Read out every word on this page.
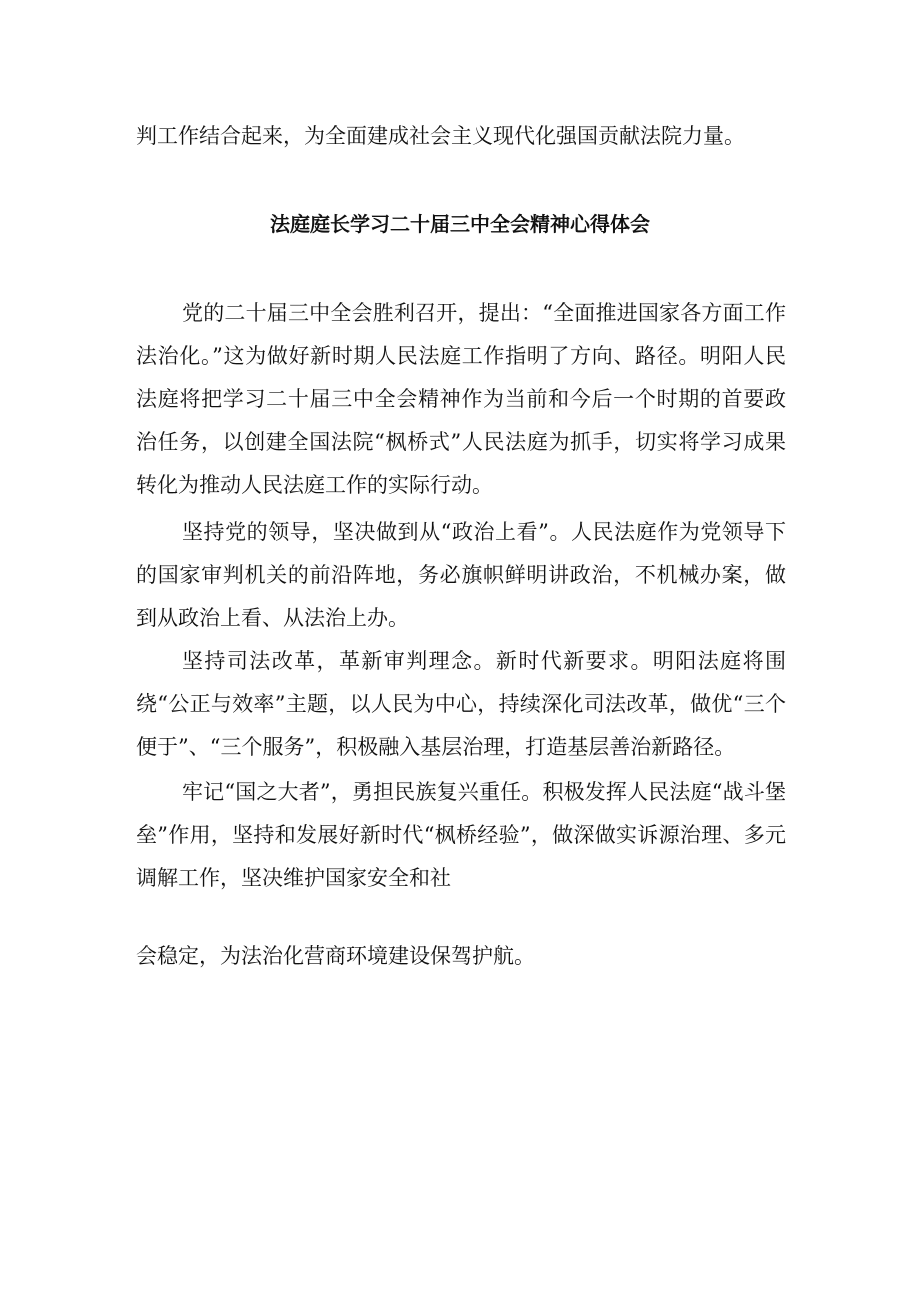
判工作结合起来，为全面建成社会主义现代化强国贡献法院力量。

法庭庭长学习二十届三中全会精神心得体会

党的二十届三中全会胜利召开，提出：“全面推进国家各方面工作法治化。”这为做好新时期人民法庭工作指明了方向、路径。明阳人民法庭将把学习二十届三中全会精神作为当前和今后一个时期的首要政治任务，以创建全国法院“枫桥式”人民法庭为抓手，切实将学习成果转化为推动人民法庭工作的实际行动。

坚持党的领导，坚决做到从“政治上看”。人民法庭作为党领导下的国家审判机关的前沿阵地，务必旗帜鲜明讲政治，不机械办案，做到从政治上看、从法治上办。

坚持司法改革，革新审判理念。新时代新要求。明阳法庭将围绕“公正与效率”主题，以人民为中心，持续深化司法改革，做优“三个便于”、“三个服务”，积极融入基层治理，打造基层善治新路径。

牢记“国之大者”，勇担民族复兴重任。积极发挥人民法庭“战斗堡垒”作用，坚持和发展好新时代“枫桥经验”，做深做实诉源治理、多元调解工作，坚决维护国家安全和社

会稳定，为法治化营商环境建设保驾护航。
